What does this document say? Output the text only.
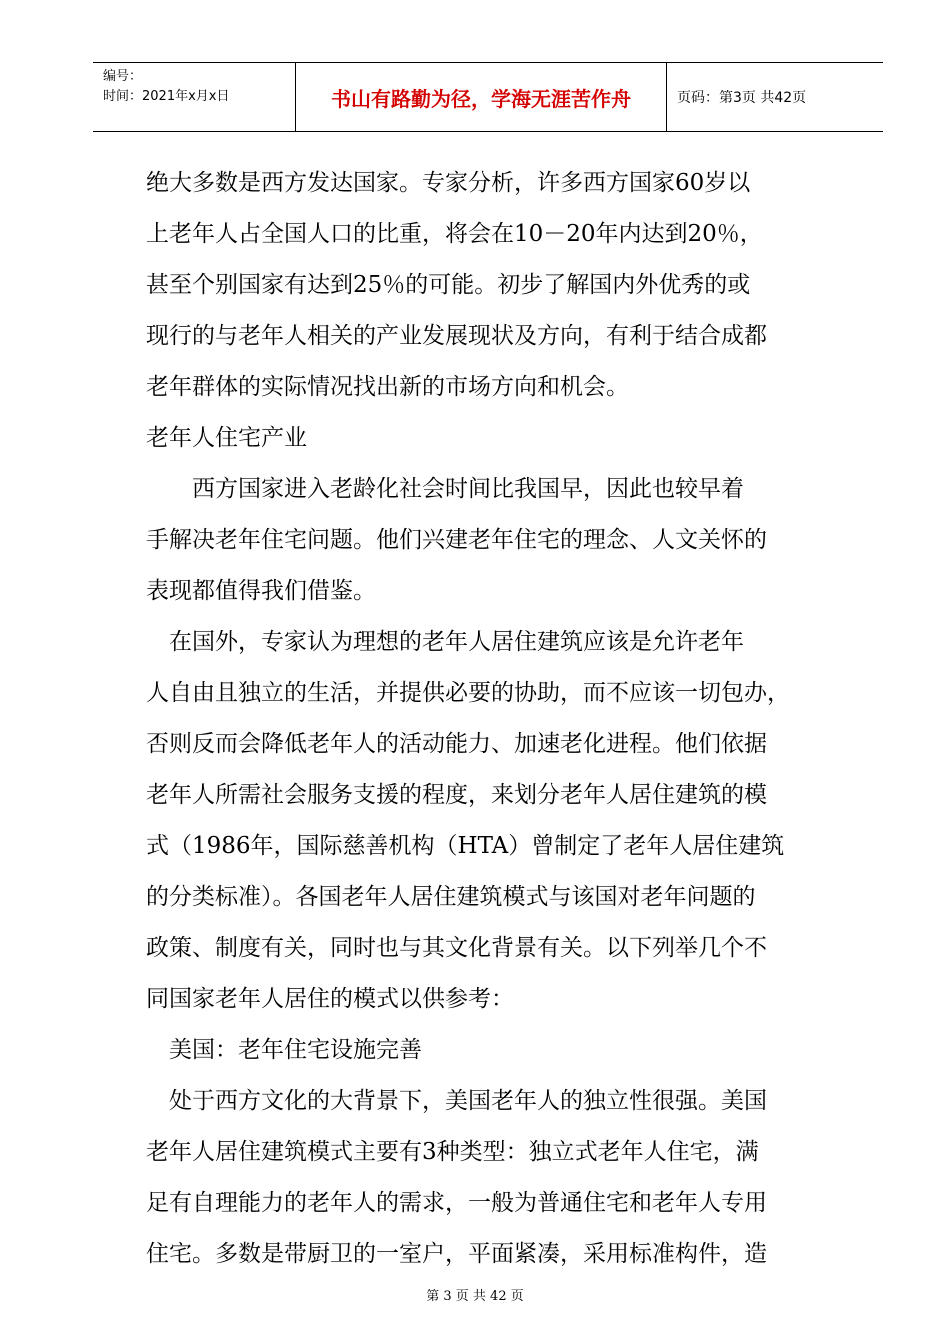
编号：
时间：2021年x月x日	书山有路勤为径，学海无涯苦作舟	页码：第3页 共42页

绝大多数是西方发达国家。专家分析，许多西方国家60岁以

上老年人占全国人口的比重，将会在10－20年内达到20％，

甚至个别国家有达到25％的可能。初步了解国内外优秀的或

现行的与老年人相关的产业发展现状及方向，有利于结合成都

老年群体的实际情况找出新的市场方向和机会。

老年人住宅产业

　　西方国家进入老龄化社会时间比我国早，因此也较早着

手解决老年住宅问题。他们兴建老年住宅的理念、人文关怀的

表现都值得我们借鉴。

　在国外，专家认为理想的老年人居住建筑应该是允许老年

人自由且独立的生活，并提供必要的协助，而不应该一切包办，

否则反而会降低老年人的活动能力、加速老化进程。他们依据

老年人所需社会服务支援的程度，来划分老年人居住建筑的模

式（1986年，国际慈善机构（HTA）曾制定了老年人居住建筑

的分类标准）。各国老年人居住建筑模式与该国对老年问题的

政策、制度有关，同时也与其文化背景有关。以下列举几个不

同国家老年人居住的模式以供参考：

　美国：老年住宅设施完善

　处于西方文化的大背景下，美国老年人的独立性很强。美国

老年人居住建筑模式主要有3种类型：独立式老年人住宅，满

足有自理能力的老年人的需求，一般为普通住宅和老年人专用

住宅。多数是带厨卫的一室户，平面紧凑，采用标准构件，造

第 3 页 共 42 页
